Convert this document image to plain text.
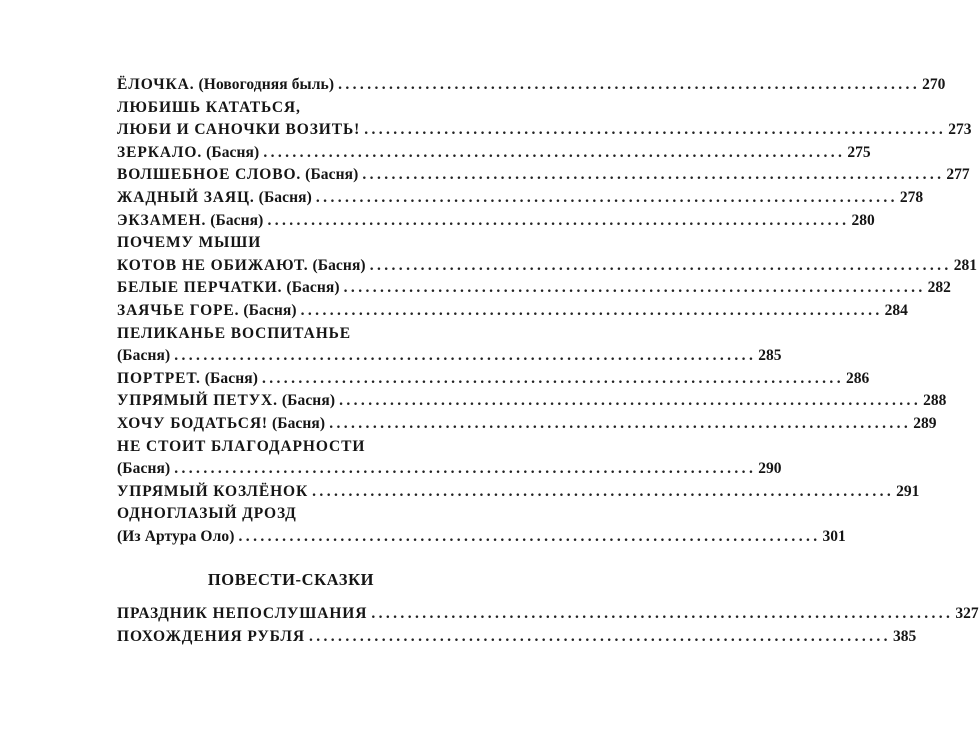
ЁЛОЧКА. (Новогодняя быль) ................................................................................ 270
ЛЮБИШЬ КАТАТЬСЯ,
ЛЮБИ И САНОЧКИ ВОЗИТЬ! ................................................................................ 273
ЗЕРКАЛО. (Басня) ................................................................................ 275
ВОЛШЕБНОЕ СЛОВО. (Басня) ................................................................................ 277
ЖАДНЫЙ ЗАЯЦ. (Басня) ................................................................................ 278
ЭКЗАМЕН. (Басня) ................................................................................ 280
ПОЧЕМУ МЫШИ
КОТОВ НЕ ОБИЖАЮТ. (Басня) ................................................................................ 281
БЕЛЫЕ ПЕРЧАТКИ. (Басня) ................................................................................ 282
ЗАЯЧЬЕ ГОРЕ. (Басня) ................................................................................ 284
ПЕЛИКАНЬЕ ВОСПИТАНЬЕ
(Басня) ................................................................................ 285
ПОРТРЕТ. (Басня) ................................................................................ 286
УПРЯМЫЙ ПЕТУХ. (Басня) ................................................................................ 288
ХОЧУ БОДАТЬСЯ! (Басня) ................................................................................ 289
НЕ СТОИТ БЛАГОДАРНОСТИ
(Басня) ................................................................................ 290
УПРЯМЫЙ КОЗЛЁНОК ................................................................................ 291
ОДНОГЛАЗЫЙ ДРОЗД
(Из Артура Оло) ................................................................................ 301
ПОВЕСТИ-СКАЗКИ
ПРАЗДНИК НЕПОСЛУШАНИЯ ................................................................................ 327
ПОХОЖДЕНИЯ РУБЛЯ ................................................................................ 385
